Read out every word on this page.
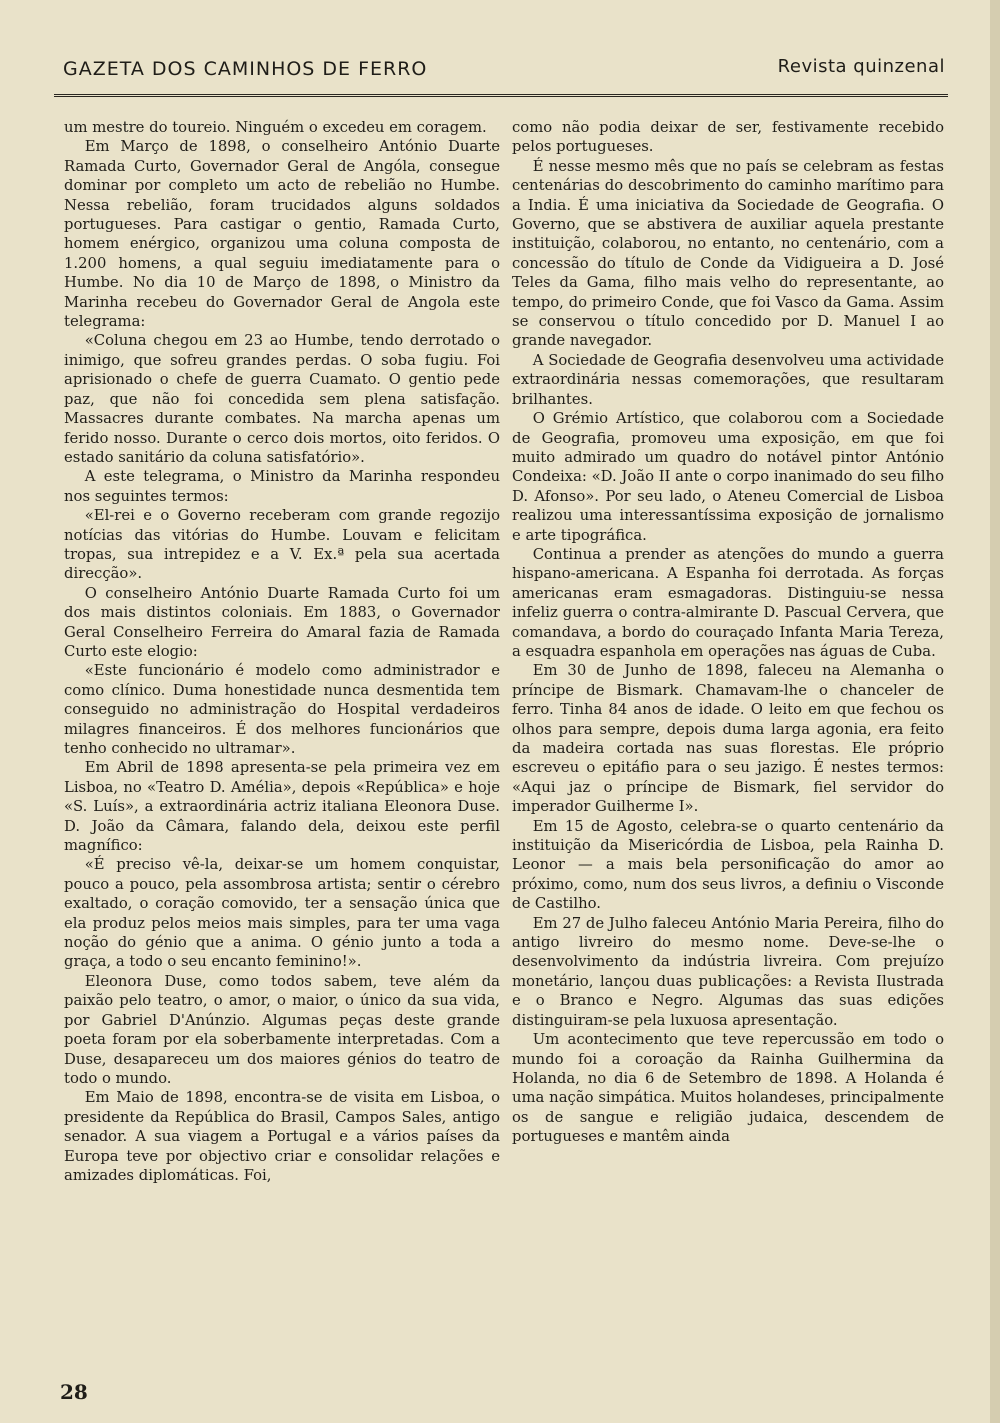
GAZETA DOS CAMINHOS DE FERRO	Revista quinzenal

um mestre do toureio. Ninguém o excedeu em coragem.

Em Março de 1898, o conselheiro António Duarte Ramada Curto, Governador Geral de Angóla, consegue dominar por completo um acto de rebelião no Humbe. Nessa rebelião, foram trucidados alguns soldados portugueses. Para castigar o gentio, Ramada Curto, homem enérgico, organizou uma coluna composta de 1.200 homens, a qual seguiu imediatamente para o Humbe. No dia 10 de Março de 1898, o Ministro da Marinha recebeu do Governador Geral de Angola este telegrama:

«Coluna chegou em 23 ao Humbe, tendo derrotado o inimigo, que sofreu grandes perdas. O soba fugiu. Foi aprisionado o chefe de guerra Cuamato. O gentio pede paz, que não foi concedida sem plena satisfação. Massacres durante combates. Na marcha apenas um ferido nosso. Durante o cerco dois mortos, oito feridos. O estado sanitário da coluna satisfatório».

A este telegrama, o Ministro da Marinha respondeu nos seguintes termos:

«El-rei e o Governo receberam com grande regozijo notícias das vitórias do Humbe. Louvam e felicitam tropas, sua intrepidez e a V. Ex.ª pela sua acertada direcção».

O conselheiro António Duarte Ramada Curto foi um dos mais distintos coloniais. Em 1883, o Governador Geral Conselheiro Ferreira do Amaral fazia de Ramada Curto este elogio:

«Este funcionário é modelo como administrador e como clínico. Duma honestidade nunca desmentida tem conseguido no administração do Hospital verdadeiros milagres financeiros. É dos melhores funcionários que tenho conhecido no ultramar».

Em Abril de 1898 apresenta-se pela primeira vez em Lisboa, no «Teatro D. Amélia», depois «República» e hoje «S. Luís», a extraordinária actriz italiana Eleonora Duse. D. João da Câmara, falando dela, deixou este perfil magnífico:

«É preciso vê-la, deixar-se um homem conquistar, pouco a pouco, pela assombrosa artista; sentir o cérebro exaltado, o coração comovido, ter a sensação única que ela produz pelos meios mais simples, para ter uma vaga noção do génio que a anima. O génio junto a toda a graça, a todo o seu encanto feminino!».

Eleonora Duse, como todos sabem, teve além da paixão pelo teatro, o amor, o maior, o único da sua vida, por Gabriel D'Anúnzio. Algumas peças deste grande poeta foram por ela soberbamente interpretadas. Com a Duse, desapareceu um dos maiores génios do teatro de todo o mundo.

Em Maio de 1898, encontra-se de visita em Lisboa, o presidente da República do Brasil, Campos Sales, antigo senador. A sua viagem a Portugal e a vários países da Europa teve por objectivo criar e consolidar relações e amizades diplomáticas. Foi,

como não podia deixar de ser, festivamente recebido pelos portugueses.

É nesse mesmo mês que no país se celebram as festas centenárias do descobrimento do caminho marítimo para a India. É uma iniciativa da Sociedade de Geografia. O Governo, que se abstivera de auxiliar aquela prestante instituição, colaborou, no entanto, no centenário, com a concessão do título de Conde da Vidigueira a D. José Teles da Gama, filho mais velho do representante, ao tempo, do primeiro Conde, que foi Vasco da Gama. Assim se conservou o título concedido por D. Manuel I ao grande navegador.

A Sociedade de Geografia desenvolveu uma actividade extraordinária nessas comemorações, que resultaram brilhantes.

O Grémio Artístico, que colaborou com a Sociedade de Geografia, promoveu uma exposição, em que foi muito admirado um quadro do notável pintor António Condeixa: «D. João II ante o corpo inanimado do seu filho D. Afonso». Por seu lado, o Ateneu Comercial de Lisboa realizou uma interessantíssima exposição de jornalismo e arte tipográfica.

Continua a prender as atenções do mundo a guerra hispano-americana. A Espanha foi derrotada. As forças americanas eram esmagadoras. Distinguiu-se nessa infeliz guerra o contra-almirante D. Pascual Cervera, que comandava, a bordo do couraçado Infanta Maria Tereza, a esquadra espanhola em operações nas águas de Cuba.

Em 30 de Junho de 1898, faleceu na Alemanha o príncipe de Bismark. Chamavam-lhe o chanceler de ferro. Tinha 84 anos de idade. O leito em que fechou os olhos para sempre, depois duma larga agonia, era feito da madeira cortada nas suas florestas. Ele próprio escreveu o epitáfio para o seu jazigo. É nestes termos: «Aqui jaz o príncipe de Bismark, fiel servidor do imperador Guilherme I».

Em 15 de Agosto, celebra-se o quarto centenário da instituição da Misericórdia de Lisboa, pela Rainha D. Leonor — a mais bela personificação do amor ao próximo, como, num dos seus livros, a definiu o Visconde de Castilho.

Em 27 de Julho faleceu António Maria Pereira, filho do antigo livreiro do mesmo nome. Deve-se-lhe o desenvolvimento da indústria livreira. Com prejuízo monetário, lançou duas publicações: a Revista Ilustrada e o Branco e Negro. Algumas das suas edições distinguiram-se pela luxuosa apresentação.

Um acontecimento que teve repercussão em todo o mundo foi a coroação da Rainha Guilhermina da Holanda, no dia 6 de Setembro de 1898. A Holanda é uma nação simpática. Muitos holandeses, principalmente os de sangue e religião judaica, descendem de portugueses e mantêm ainda

28
